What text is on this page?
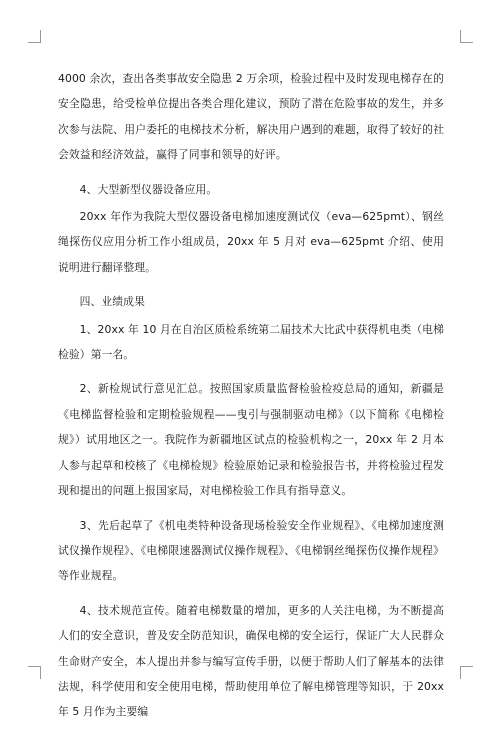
4000 余次，查出各类事故安全隐患 2 万余项，检验过程中及时发现电梯存在的安全隐患，给受检单位提出各类合理化建议，预防了潜在危险事故的发生，并多次参与法院、用户委托的电梯技术分析，解决用户遇到的难题，取得了较好的社会效益和经济效益，赢得了同事和领导的好评。

4、大型新型仪器设备应用。

20xx 年作为我院大型仪器设备电梯加速度测试仪（eva—625pmt）、钢丝绳探伤仪应用分析工作小组成员，20xx 年 5 月对 eva—625pmt 介绍、使用说明进行翻译整理。

四、业绩成果

1、20xx 年 10 月在自治区质检系统第二届技术大比武中获得机电类（电梯检验）第一名。

2、新检规试行意见汇总。按照国家质量监督检验检疫总局的通知，新疆是《电梯监督检验和定期检验规程——曳引与强制驱动电梯》（以下简称《电梯检规》）试用地区之一。我院作为新疆地区试点的检验机构之一，20xx 年 2 月本人参与起草和校核了《电梯检规》检验原始记录和检验报告书，并将检验过程发现和提出的问题上报国家局，对电梯检验工作具有指导意义。

3、先后起草了《机电类特种设备现场检验安全作业规程》、《电梯加速度测试仪操作规程》、《电梯限速器测试仪操作规程》、《电梯钢丝绳探伤仪操作规程》等作业规程。

4、技术规范宣传。随着电梯数量的增加，更多的人关注电梯，为不断提高人们的安全意识，普及安全防范知识，确保电梯的安全运行，保证广大人民群众生命财产安全，本人提出并参与编写宣传手册，以便于帮助人们了解基本的法律法规，科学使用和安全使用电梯，帮助使用单位了解电梯管理等知识，于 20xx 年 5 月作为主要编
